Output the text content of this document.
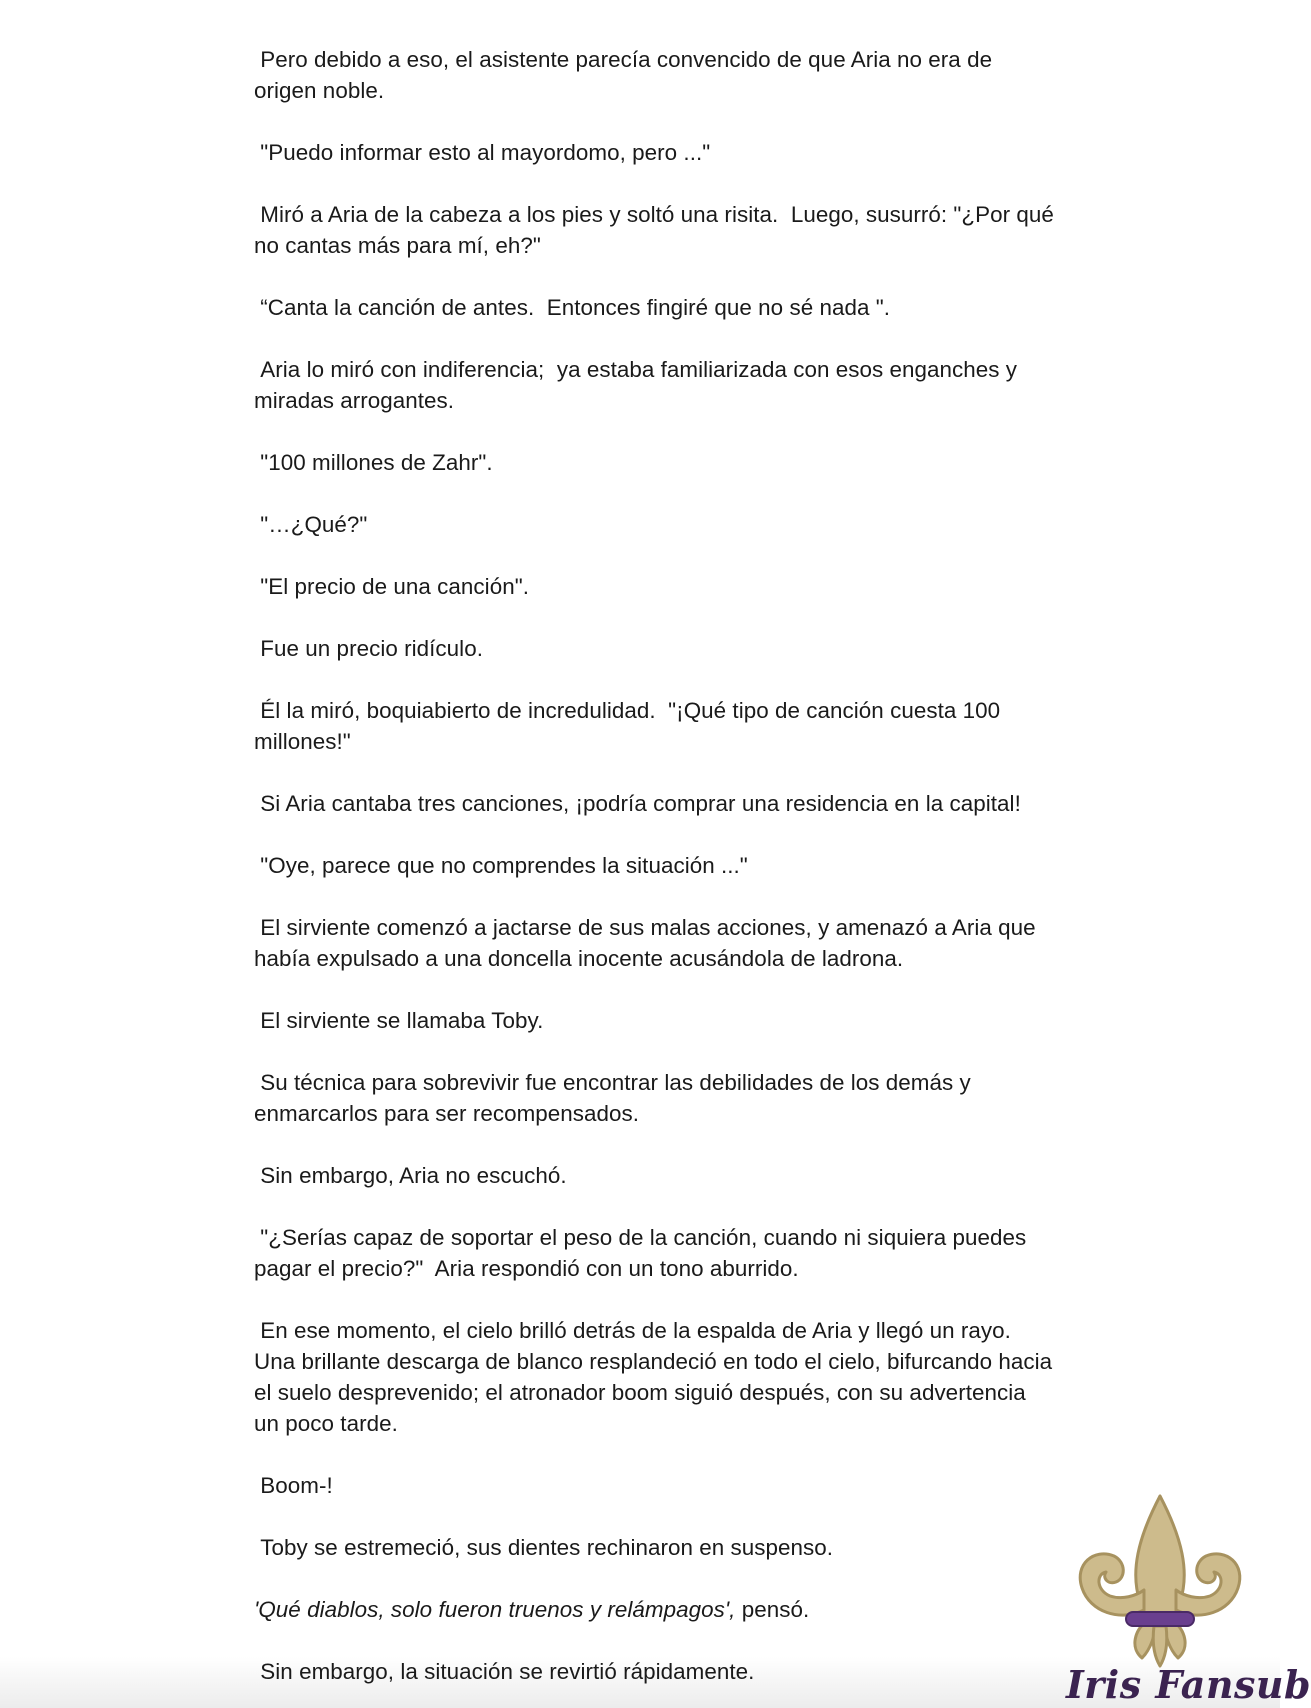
Pero debido a eso, el asistente parecía convencido de que Aria no era de origen noble.

"Puedo informar esto al mayordomo, pero ..."

Miró a Aria de la cabeza a los pies y soltó una risita.  Luego, susurró: "¿Por qué no cantas más para mí, eh?"

“Canta la canción de antes.  Entonces fingiré que no sé nada ".

Aria lo miró con indiferencia;  ya estaba familiarizada con esos enganches y miradas arrogantes.

"100 millones de Zahr".

"…¿Qué?"

"El precio de una canción".

Fue un precio ridículo.

Él la miró, boquiabierto de incredulidad.  "¡Qué tipo de canción cuesta 100 millones!"

Si Aria cantaba tres canciones, ¡podría comprar una residencia en la capital!

"Oye, parece que no comprendes la situación ..."

El sirviente comenzó a jactarse de sus malas acciones, y amenazó a Aria que había expulsado a una doncella inocente acusándola de ladrona.

El sirviente se llamaba Toby.

Su técnica para sobrevivir fue encontrar las debilidades de los demás y enmarcarlos para ser recompensados.

Sin embargo, Aria no escuchó.

"¿Serías capaz de soportar el peso de la canción, cuando ni siquiera puedes pagar el precio?"  Aria respondió con un tono aburrido.

En ese momento, el cielo brilló detrás de la espalda de Aria y llegó un rayo.  Una brillante descarga de blanco resplandeció en todo el cielo, bifurcando hacia el suelo desprevenido; el atronador boom siguió después, con su advertencia un poco tarde.

Boom-!

Toby se estremeció, sus dientes rechinaron en suspenso.

'Qué diablos, solo fueron truenos y relámpagos', pensó.

Sin embargo, la situación se revirtió rápidamente.	Iris Fansub
